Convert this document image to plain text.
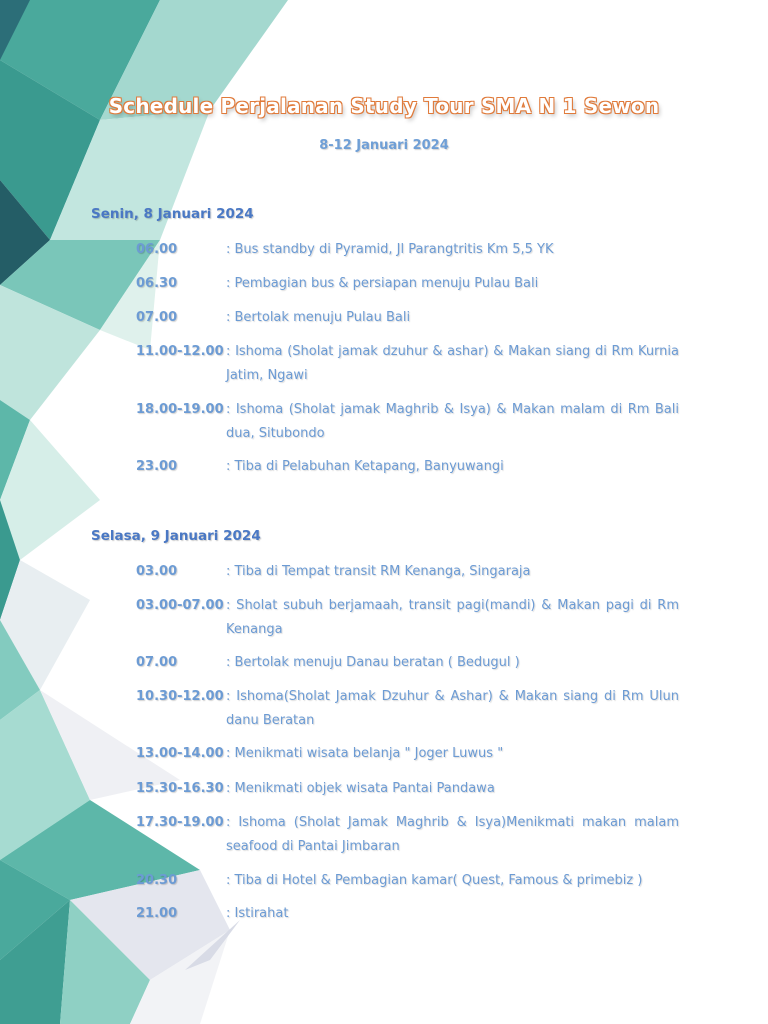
Schedule Perjalanan Study Tour SMA N 1 Sewon
8-12 Januari 2024
Senin, 8 Januari 2024
06.00	: Bus standby di Pyramid, Jl Parangtritis Km 5,5 YK
06.30	: Pembagian bus & persiapan menuju Pulau Bali
07.00	: Bertolak menuju Pulau Bali
11.00-12.00 : Ishoma (Sholat jamak dzuhur & ashar) & Makan siang di Rm Kurnia Jatim, Ngawi
18.00-19.00 : Ishoma (Sholat jamak Maghrib & Isya) & Makan malam di Rm Bali dua, Situbondo
23.00	: Tiba di Pelabuhan Ketapang, Banyuwangi
Selasa, 9 Januari 2024
03.00	: Tiba di Tempat transit RM Kenanga, Singaraja
03.00-07.00 : Sholat subuh berjamaah, transit pagi(mandi) & Makan pagi di Rm Kenanga
07.00	: Bertolak menuju Danau beratan ( Bedugul )
10.30-12.00 : Ishoma(Sholat Jamak Dzuhur & Ashar) & Makan siang di Rm Ulun danu Beratan
13.00-14.00 : Menikmati wisata belanja " Joger Luwus "
15.30-16.30 : Menikmati objek wisata Pantai Pandawa
17.30-19.00 : Ishoma (Sholat Jamak Maghrib & Isya)Menikmati makan malam seafood di Pantai Jimbaran
20.30	: Tiba di Hotel & Pembagian kamar( Quest, Famous & primebiz )
21.00	: Istirahat
